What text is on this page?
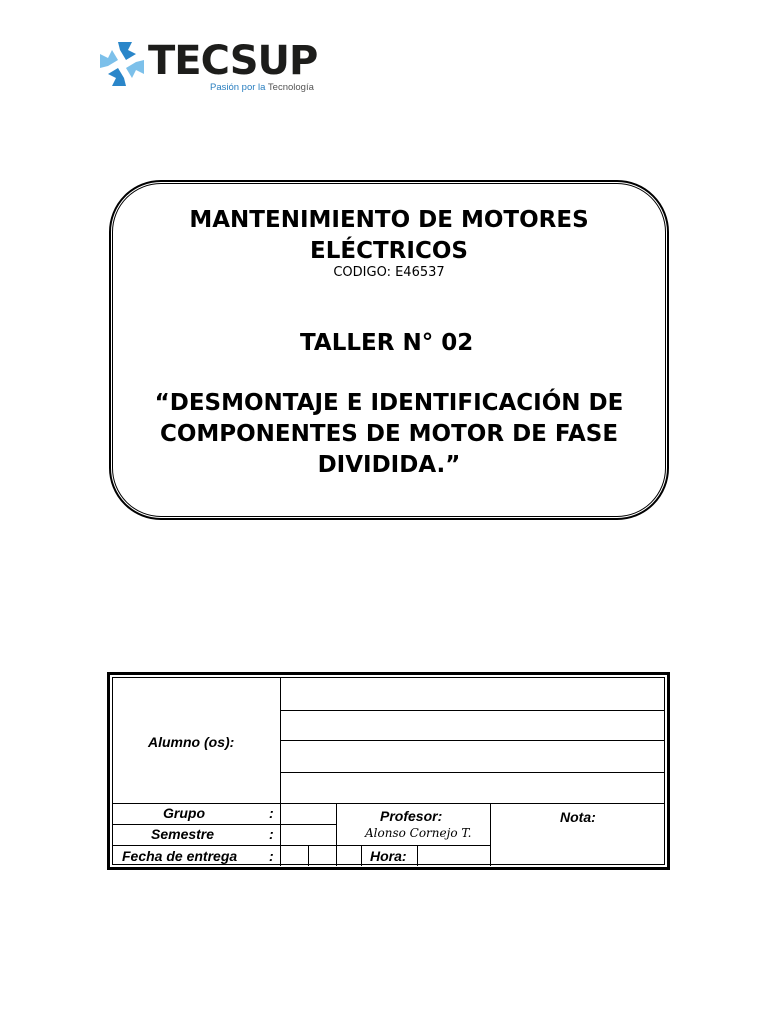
TECSUP
Pasión por la Tecnología
MANTENIMIENTO DE MOTORES
ELÉCTRICOS
CODIGO: E46537
TALLER N° 02
“DESMONTAJE E IDENTIFICACIÓN DE
COMPONENTES DE MOTOR DE FASE
DIVIDIDA.”
Alumno (os):
Grupo	:
Semestre	:
Fecha de entrega :
Profesor:
Alonso Cornejo T.
Hora:
Nota:
